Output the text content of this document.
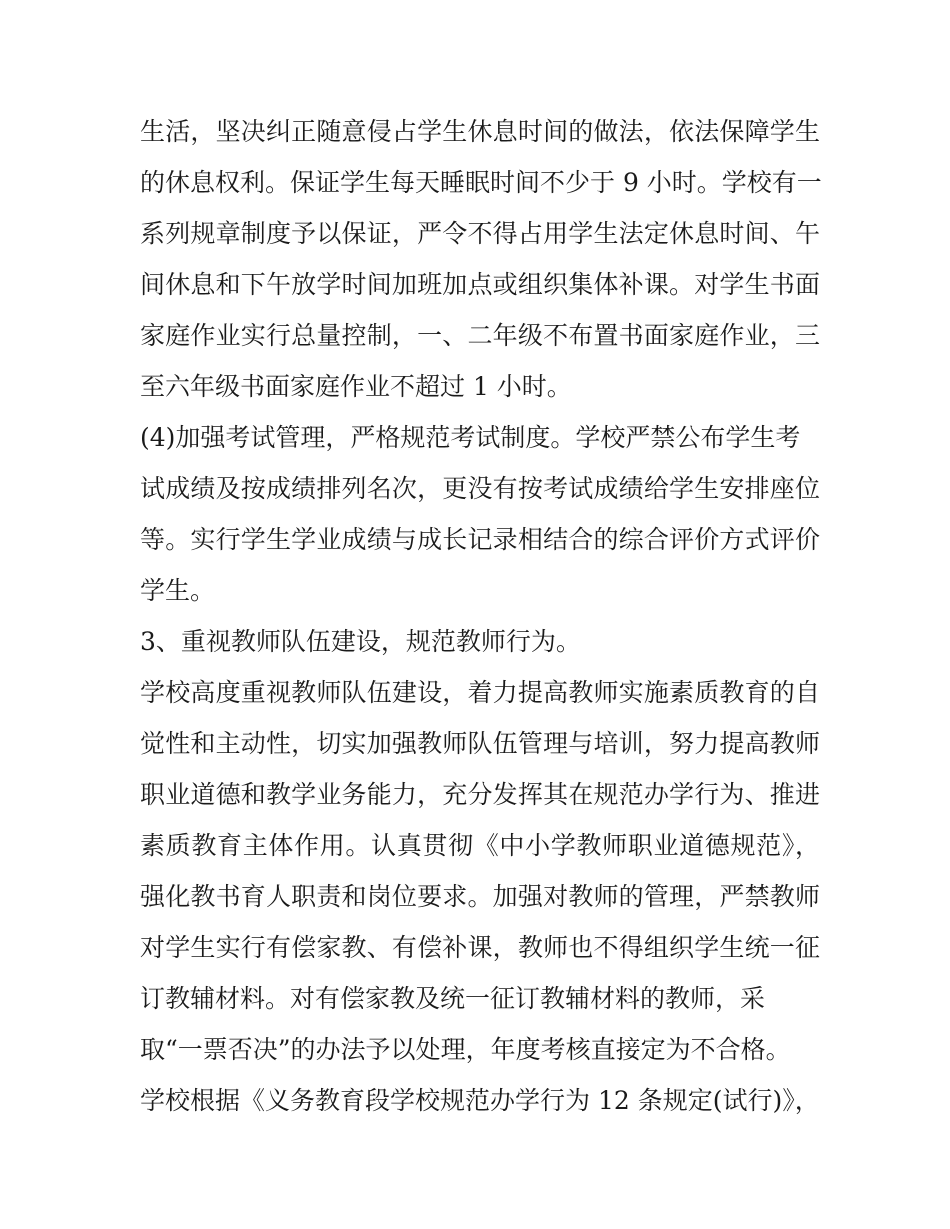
生活，坚决纠正随意侵占学生休息时间的做法，依法保障学生
的休息权利。保证学生每天睡眠时间不少于 9 小时。学校有一
系列规章制度予以保证，严令不得占用学生法定休息时间、午
间休息和下午放学时间加班加点或组织集体补课。对学生书面
家庭作业实行总量控制，一、二年级不布置书面家庭作业，三
至六年级书面家庭作业不超过 1 小时。
(4)加强考试管理，严格规范考试制度。学校严禁公布学生考
试成绩及按成绩排列名次，更没有按考试成绩给学生安排座位
等。实行学生学业成绩与成长记录相结合的综合评价方式评价
学生。
3、重视教师队伍建设，规范教师行为。
学校高度重视教师队伍建设，着力提高教师实施素质教育的自
觉性和主动性，切实加强教师队伍管理与培训，努力提高教师
职业道德和教学业务能力，充分发挥其在规范办学行为、推进
素质教育主体作用。认真贯彻《中小学教师职业道德规范》，
强化教书育人职责和岗位要求。加强对教师的管理，严禁教师
对学生实行有偿家教、有偿补课，教师也不得组织学生统一征
订教辅材料。对有偿家教及统一征订教辅材料的教师，采
取“一票否决”的办法予以处理，年度考核直接定为不合格。
学校根据《义务教育段学校规范办学行为 12 条规定(试行)》，
